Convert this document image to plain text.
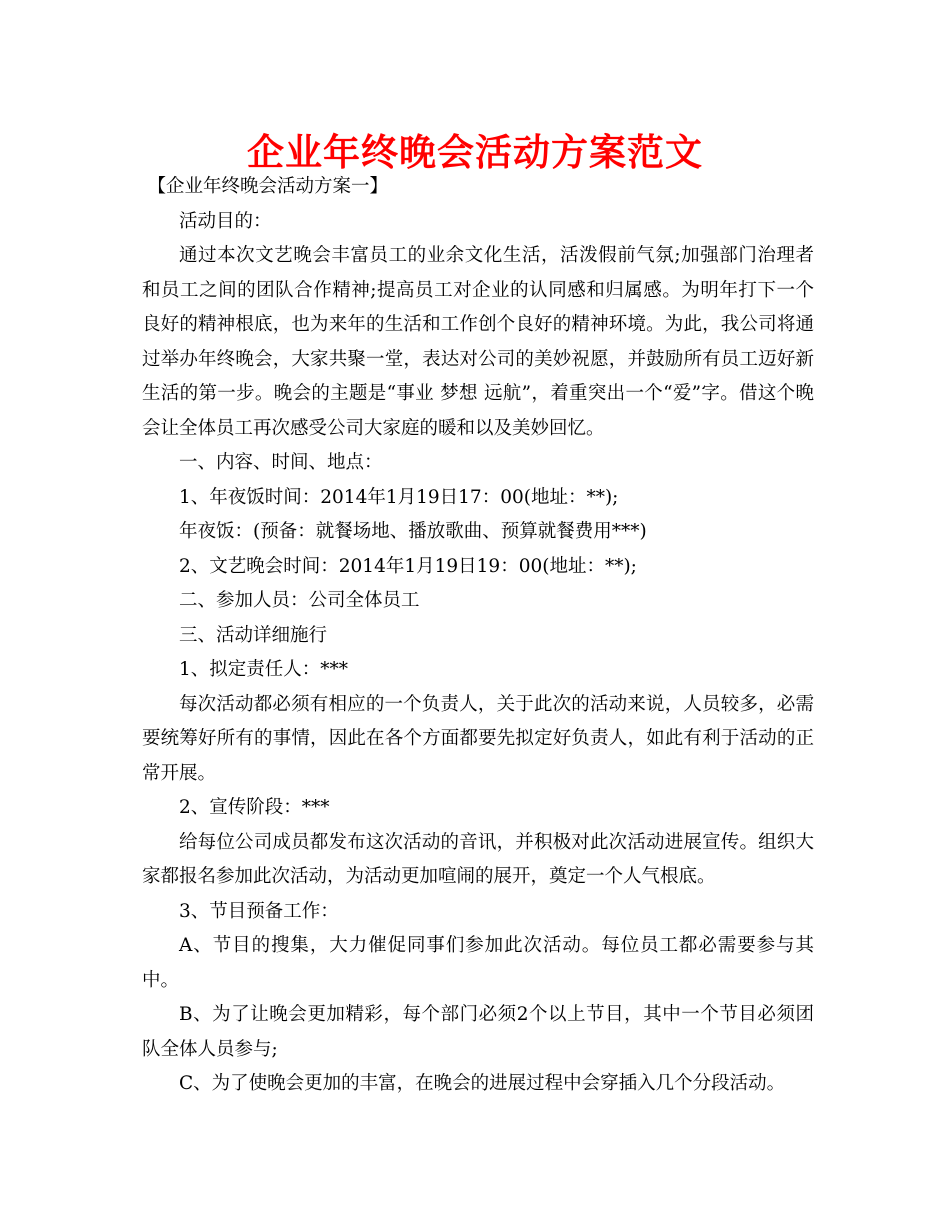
企业年终晚会活动方案范文

【企业年终晚会活动方案一】

活动目的：

通过本次文艺晚会丰富员工的业余文化生活，活泼假前气氛;加强部门治理者和员工之间的团队合作精神;提高员工对企业的认同感和归属感。为明年打下一个良好的精神根底，也为来年的生活和工作创个良好的精神环境。为此，我公司将通过举办年终晚会，大家共聚一堂，表达对公司的美妙祝愿，并鼓励所有员工迈好新生活的第一步。晚会的主题是“事业 梦想 远航”，着重突出一个“爱”字。借这个晚会让全体员工再次感受公司大家庭的暖和以及美妙回忆。

一、内容、时间、地点：

1、年夜饭时间：2014年1月19日17：00(地址：**);

年夜饭：(预备：就餐场地、播放歌曲、预算就餐费用***)

2、文艺晚会时间：2014年1月19日19：00(地址：**);

二、参加人员：公司全体员工

三、活动详细施行

1、拟定责任人：***

每次活动都必须有相应的一个负责人，关于此次的活动来说，人员较多，必需要统筹好所有的事情，因此在各个方面都要先拟定好负责人，如此有利于活动的正常开展。

2、宣传阶段：***

给每位公司成员都发布这次活动的音讯，并积极对此次活动进展宣传。组织大家都报名参加此次活动，为活动更加喧闹的展开，奠定一个人气根底。

3、节目预备工作：

A、节目的搜集，大力催促同事们参加此次活动。每位员工都必需要参与其中。

B、为了让晚会更加精彩，每个部门必须2个以上节目，其中一个节目必须团队全体人员参与;

C、为了使晚会更加的丰富，在晚会的进展过程中会穿插入几个分段活动。
